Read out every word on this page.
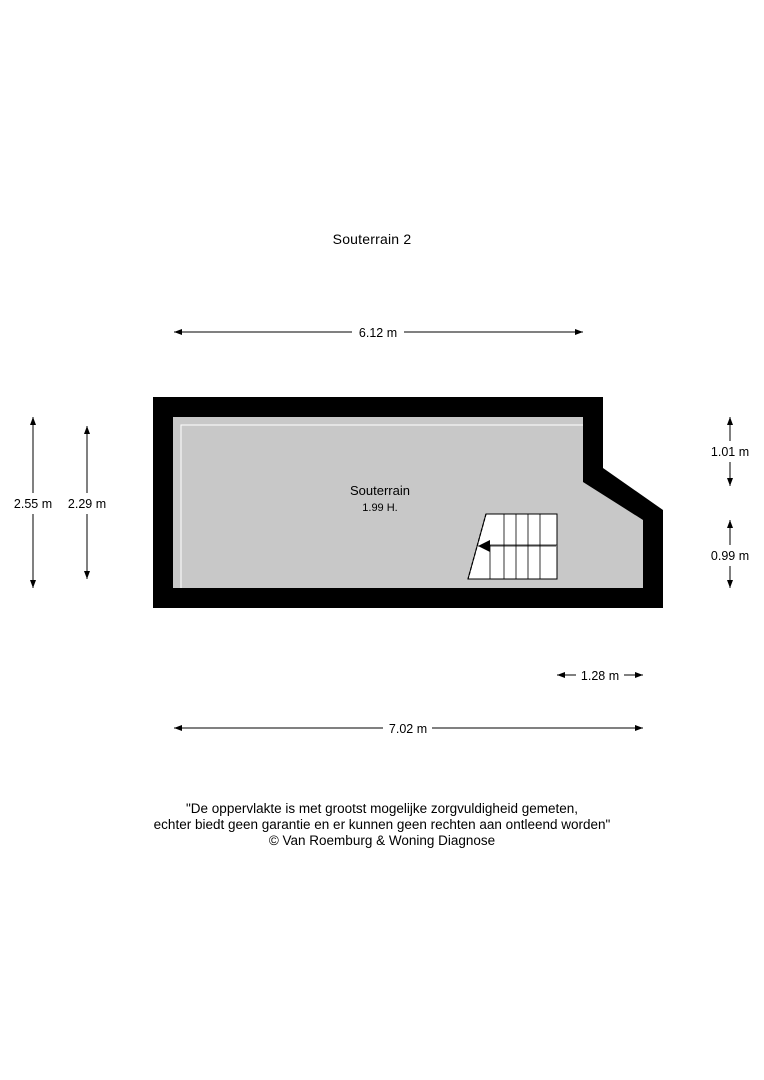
Souterrain 2
Souterrain
1.99 H.
6.12 m
2.55 m 2.29 m
1.01 m
0.99 m
1.28 m
7.02 m
"De oppervlakte is met grootst mogelijke zorgvuldigheid gemeten,
echter biedt geen garantie en er kunnen geen rechten aan ontleend worden"
© Van Roemburg & Woning Diagnose
